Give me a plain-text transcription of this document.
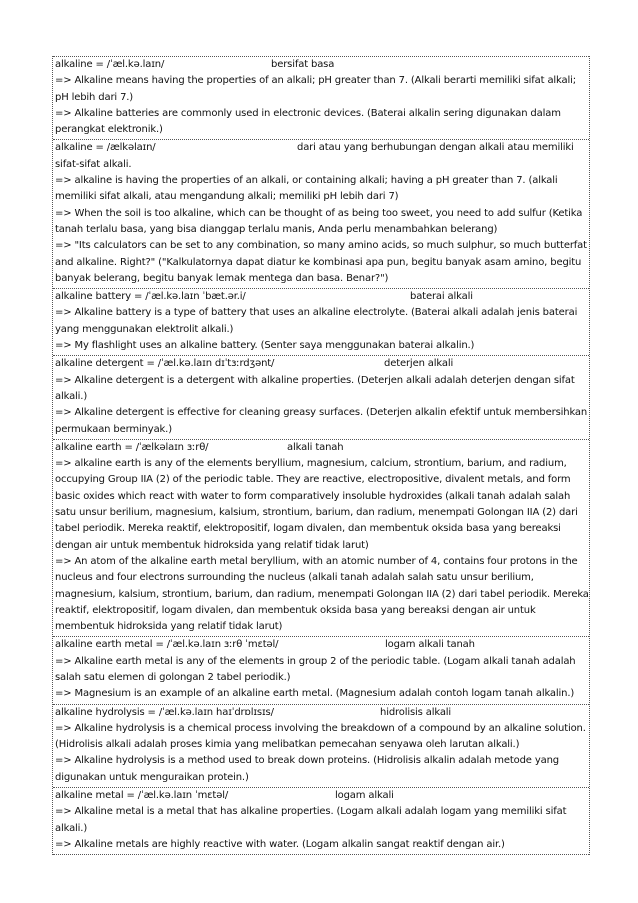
alkaline = /ˈæl.kə.laɪn/	bersifat basa
=> Alkaline means having the properties of an alkali; pH greater than 7. (Alkali berarti memiliki sifat alkali; pH lebih dari 7.)
=> Alkaline batteries are commonly used in electronic devices. (Baterai alkalin sering digunakan dalam perangkat elektronik.)
alkaline = /ælkəlaɪn/	dari atau yang berhubungan dengan alkali atau memiliki sifat-sifat alkali.
=> alkaline is having the properties of an alkali, or containing alkali; having a pH greater than 7. (alkali memiliki sifat alkali, atau mengandung alkali; memiliki pH lebih dari 7)
=> When the soil is too alkaline, which can be thought of as being too sweet, you need to add sulfur (Ketika tanah terlalu basa, yang bisa dianggap terlalu manis, Anda perlu menambahkan belerang)
=> "Its calculators can be set to any combination, so many amino acids, so much sulphur, so much butterfat and alkaline. Right?" ("Kalkulatornya dapat diatur ke kombinasi apa pun, begitu banyak asam amino, begitu banyak belerang, begitu banyak lemak mentega dan basa. Benar?")
alkaline battery = /ˈæl.kə.laɪn ˈbæt.ər.i/	baterai alkali
=> Alkaline battery is a type of battery that uses an alkaline electrolyte. (Baterai alkali adalah jenis baterai yang menggunakan elektrolit alkali.)
=> My flashlight uses an alkaline battery. (Senter saya menggunakan baterai alkalin.)
alkaline detergent = /ˈæl.kə.laɪn dɪˈtɜːrdʒənt/	deterjen alkali
=> Alkaline detergent is a detergent with alkaline properties. (Deterjen alkali adalah deterjen dengan sifat alkali.)
=> Alkaline detergent is effective for cleaning greasy surfaces. (Deterjen alkalin efektif untuk membersihkan permukaan berminyak.)
alkaline earth = /ˈælkəlaɪn ɜːrθ/	alkali tanah
=> alkaline earth is any of the elements beryllium, magnesium, calcium, strontium, barium, and radium, occupying Group IIA (2) of the periodic table. They are reactive, electropositive, divalent metals, and form basic oxides which react with water to form comparatively insoluble hydroxides (alkali tanah adalah salah satu unsur berilium, magnesium, kalsium, strontium, barium, dan radium, menempati Golongan IIA (2) dari tabel periodik. Mereka reaktif, elektropositif, logam divalen, dan membentuk oksida basa yang bereaksi dengan air untuk membentuk hidroksida yang relatif tidak larut)
=> An atom of the alkaline earth metal beryllium, with an atomic number of 4, contains four protons in the nucleus and four electrons surrounding the nucleus (alkali tanah adalah salah satu unsur berilium, magnesium, kalsium, strontium, barium, dan radium, menempati Golongan IIA (2) dari tabel periodik. Mereka reaktif, elektropositif, logam divalen, dan membentuk oksida basa yang bereaksi dengan air untuk membentuk hidroksida yang relatif tidak larut)
alkaline earth metal = /ˈæl.kə.laɪn ɜːrθ ˈmɛtəl/	logam alkali tanah
=> Alkaline earth metal is any of the elements in group 2 of the periodic table. (Logam alkali tanah adalah salah satu elemen di golongan 2 tabel periodik.)
=> Magnesium is an example of an alkaline earth metal. (Magnesium adalah contoh logam tanah alkalin.)
alkaline hydrolysis = /ˈæl.kə.laɪn haɪˈdrɒlɪsɪs/	hidrolisis alkali
=> Alkaline hydrolysis is a chemical process involving the breakdown of a compound by an alkaline solution. (Hidrolisis alkali adalah proses kimia yang melibatkan pemecahan senyawa oleh larutan alkali.)
=> Alkaline hydrolysis is a method used to break down proteins. (Hidrolisis alkalin adalah metode yang digunakan untuk menguraikan protein.)
alkaline metal = /ˈæl.kə.laɪn ˈmɛtəl/	logam alkali
=> Alkaline metal is a metal that has alkaline properties. (Logam alkali adalah logam yang memiliki sifat alkali.)
=> Alkaline metals are highly reactive with water. (Logam alkalin sangat reaktif dengan air.)
